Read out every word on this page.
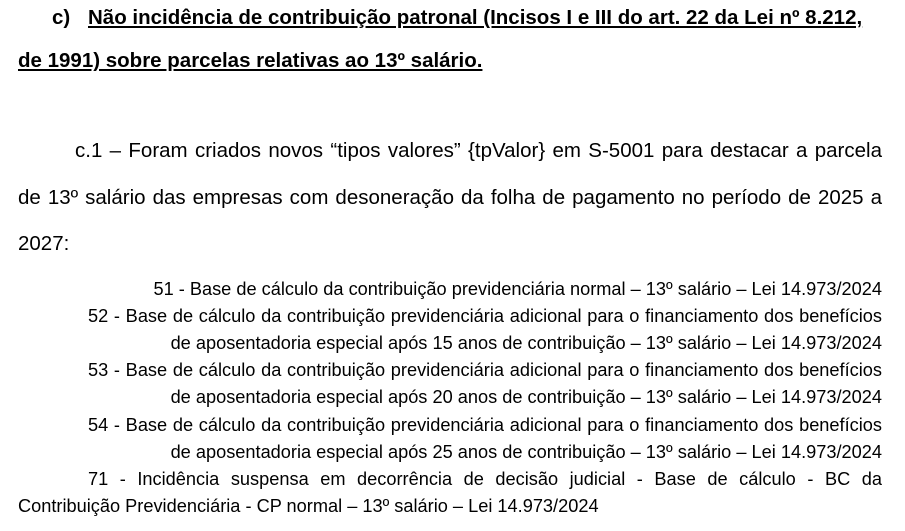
c) Não incidência de contribuição patronal (Incisos I e III do art. 22 da Lei nº 8.212,
de 1991) sobre parcelas relativas ao 13º salário.
c.1 – Foram criados novos “tipos valores” {tpValor} em S-5001 para destacar a parcela de 13º salário das empresas com desoneração da folha de pagamento no período de 2025 a 2027:
51 - Base de cálculo da contribuição previdenciária normal – 13º salário – Lei 14.973/2024
52 - Base de cálculo da contribuição previdenciária adicional para o financiamento dos benefícios de aposentadoria especial após 15 anos de contribuição – 13º salário – Lei 14.973/2024
53 - Base de cálculo da contribuição previdenciária adicional para o financiamento dos benefícios de aposentadoria especial após 20 anos de contribuição – 13º salário – Lei 14.973/2024
54 - Base de cálculo da contribuição previdenciária adicional para o financiamento dos benefícios de aposentadoria especial após 25 anos de contribuição – 13º salário – Lei 14.973/2024
71 - Incidência suspensa em decorrência de decisão judicial - Base de cálculo - BC da Contribuição Previdenciária - CP normal – 13º salário – Lei 14.973/2024
